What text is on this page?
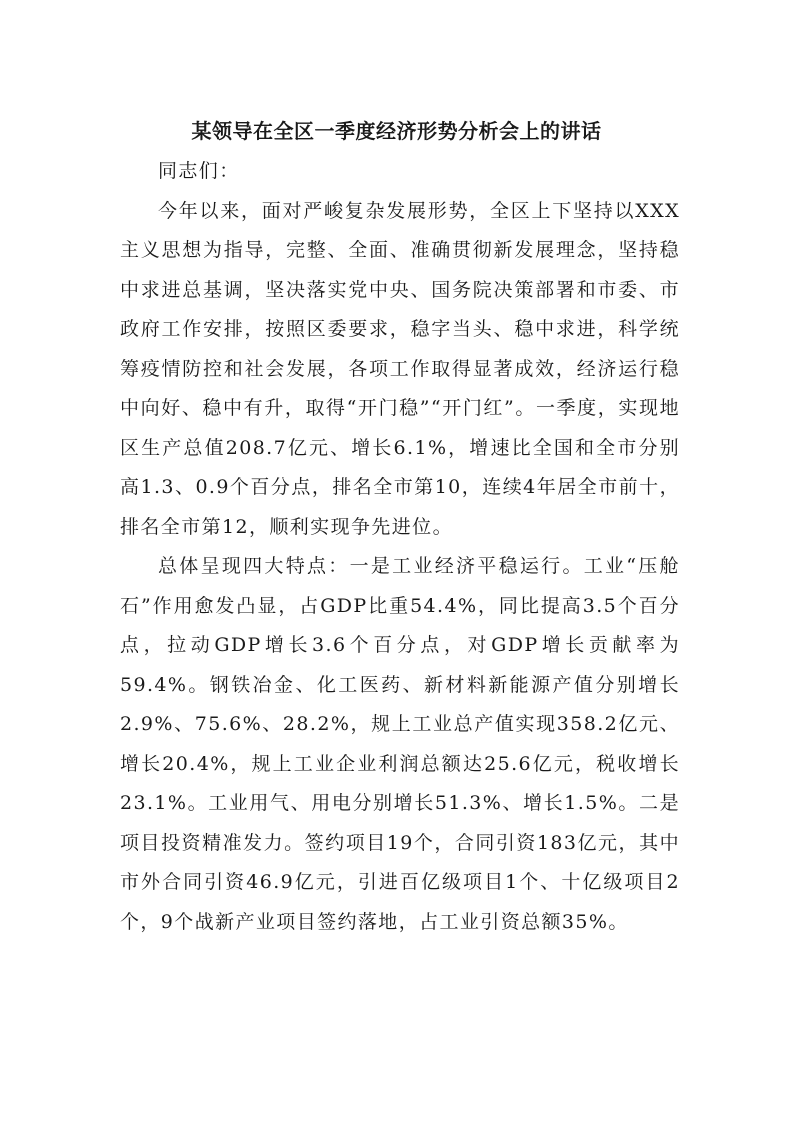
某领导在全区一季度经济形势分析会上的讲话

同志们：

今年以来，面对严峻复杂发展形势，全区上下坚持以XXX主义思想为指导，完整、全面、准确贯彻新发展理念，坚持稳中求进总基调，坚决落实党中央、国务院决策部署和市委、市政府工作安排，按照区委要求，稳字当头、稳中求进，科学统筹疫情防控和社会发展，各项工作取得显著成效，经济运行稳中向好、稳中有升，取得“开门稳”“开门红”。一季度，实现地区生产总值208.7亿元、增长6.1%，增速比全国和全市分别高1.3、0.9个百分点，排名全市第10，连续4年居全市前十，排名全市第12，顺利实现争先进位。

总体呈现四大特点：一是工业经济平稳运行。工业“压舱石”作用愈发凸显，占GDP比重54.4%，同比提高3.5个百分点，拉动GDP增长3.6个百分点，对GDP增长贡献率为59.4%。钢铁冶金、化工医药、新材料新能源产值分别增长2.9%、75.6%、28.2%，规上工业总产值实现358.2亿元、增长20.4%，规上工业企业利润总额达25.6亿元，税收增长23.1%。工业用气、用电分别增长51.3%、增长1.5%。二是项目投资精准发力。签约项目19个，合同引资183亿元，其中市外合同引资46.9亿元，引进百亿级项目1个、十亿级项目2个，9个战新产业项目签约落地，占工业引资总额35%。
